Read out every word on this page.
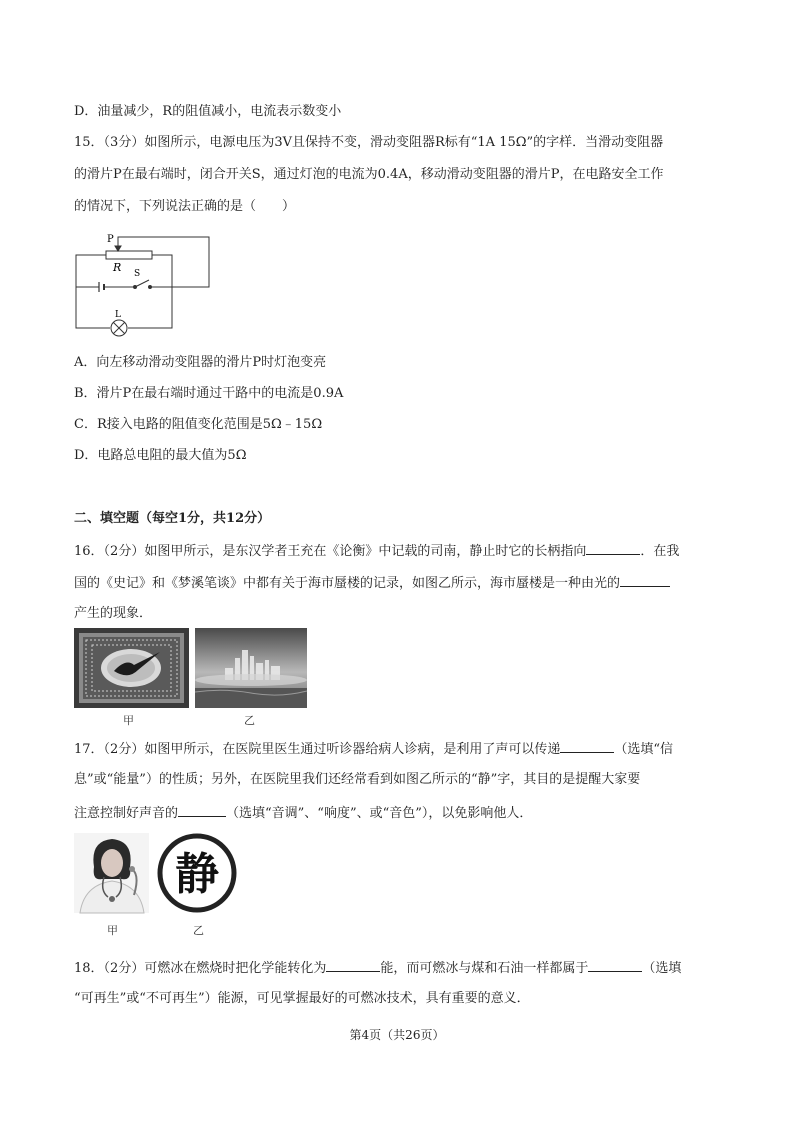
D．油量减少，R的阻值减小，电流表示数变小
15．（3分）如图所示，电源电压为3V且保持不变，滑动变阻器R标有“1A 15Ω”的字样．当滑动变阻器
的滑片P在最右端时，闭合开关S，通过灯泡的电流为0.4A，移动滑动变阻器的滑片P，在电路安全工作
的情况下，下列说法正确的是（　　）
P
R S
L
A．向左移动滑动变阻器的滑片P时灯泡变亮
B．滑片P在最右端时通过干路中的电流是0.9A
C．R接入电路的阻值变化范围是5Ω﹣15Ω
D．电路总电阻的最大值为5Ω
二、填空题（每空1分，共12分）
16．（2分）如图甲所示，是东汉学者王充在《论衡》中记载的司南，静止时它的长柄指向	．在我
国的《史记》和《梦溪笔谈》中都有关于海市蜃楼的记录，如图乙所示，海市蜃楼是一种由光的
产生的现象．
甲	乙
17．（2分）如图甲所示，在医院里医生通过听诊器给病人诊病，是利用了声可以传递	（选填“信
息”或“能量”）的性质；另外，在医院里我们还经常看到如图乙所示的“静”字，其目的是提醒大家要
注意控制好声音的	（选填“音调”、“响度”、或“音色”），以免影响他人．
静
甲	乙
18．（2分）可燃冰在燃烧时把化学能转化为	能，而可燃冰与煤和石油一样都属于	（选填
“可再生”或“不可再生”）能源，可见掌握最好的可燃冰技术，具有重要的意义．
第4页（共26页）
